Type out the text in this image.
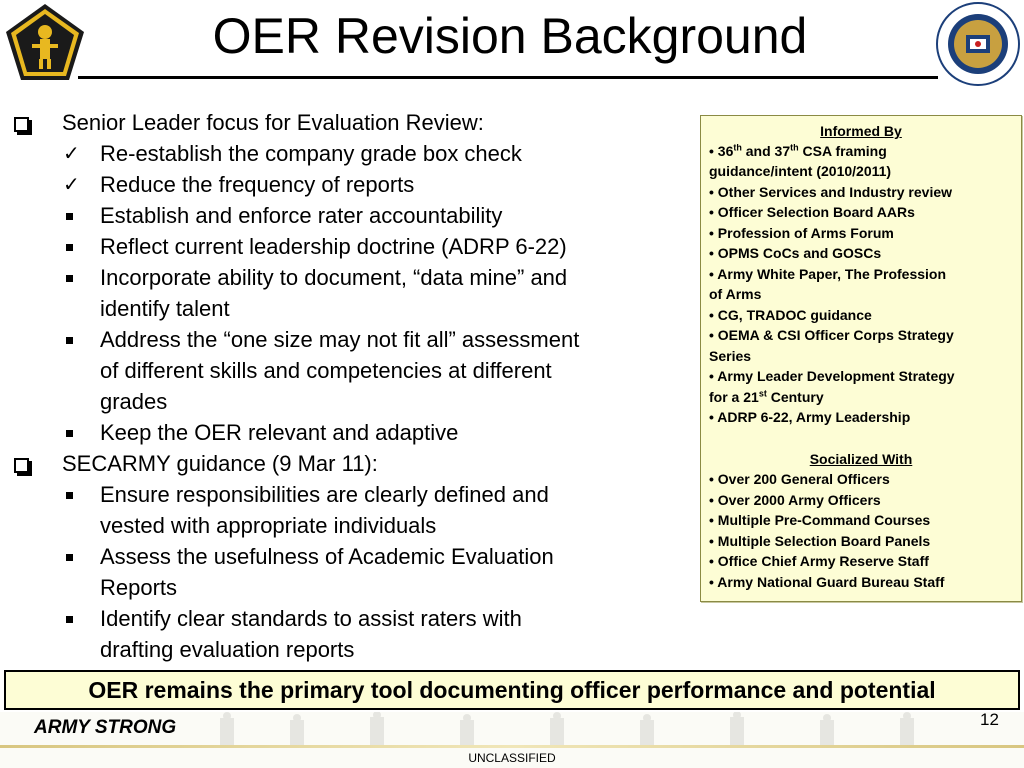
OER Revision Background
Senior Leader focus for Evaluation Review:
✓ Re-establish the company grade box check
✓ Reduce the frequency of reports
Establish and enforce rater accountability
Reflect current leadership doctrine (ADRP 6-22)
Incorporate ability to document, “data mine” and
identify talent
Address the “one size may not fit all” assessment
of different skills and competencies at different
grades
Keep the OER relevant and adaptive
SECARMY guidance (9 Mar 11):
Ensure responsibilities are clearly defined and
vested with appropriate individuals
Assess the usefulness of Academic Evaluation
Reports
Identify clear standards to assist raters with
drafting evaluation reports
Informed By
• 36th and 37th CSA framing
guidance/intent (2010/2011)
• Other Services and Industry review
• Officer Selection Board AARs
• Profession of Arms Forum
• OPMS CoCs and GOSCs
• Army White Paper, The Profession
of Arms
• CG, TRADOC guidance
• OEMA & CSI Officer Corps Strategy
Series
• Army Leader Development Strategy
for a 21st Century
• ADRP 6-22, Army Leadership
Socialized With
• Over 200 General Officers
• Over 2000 Army Officers
• Multiple Pre-Command Courses
• Multiple Selection Board Panels
• Office Chief Army Reserve Staff
• Army National Guard Bureau Staff
OER remains the primary tool documenting officer performance and potential
ARMY STRONG	12
UNCLASSIFIED
